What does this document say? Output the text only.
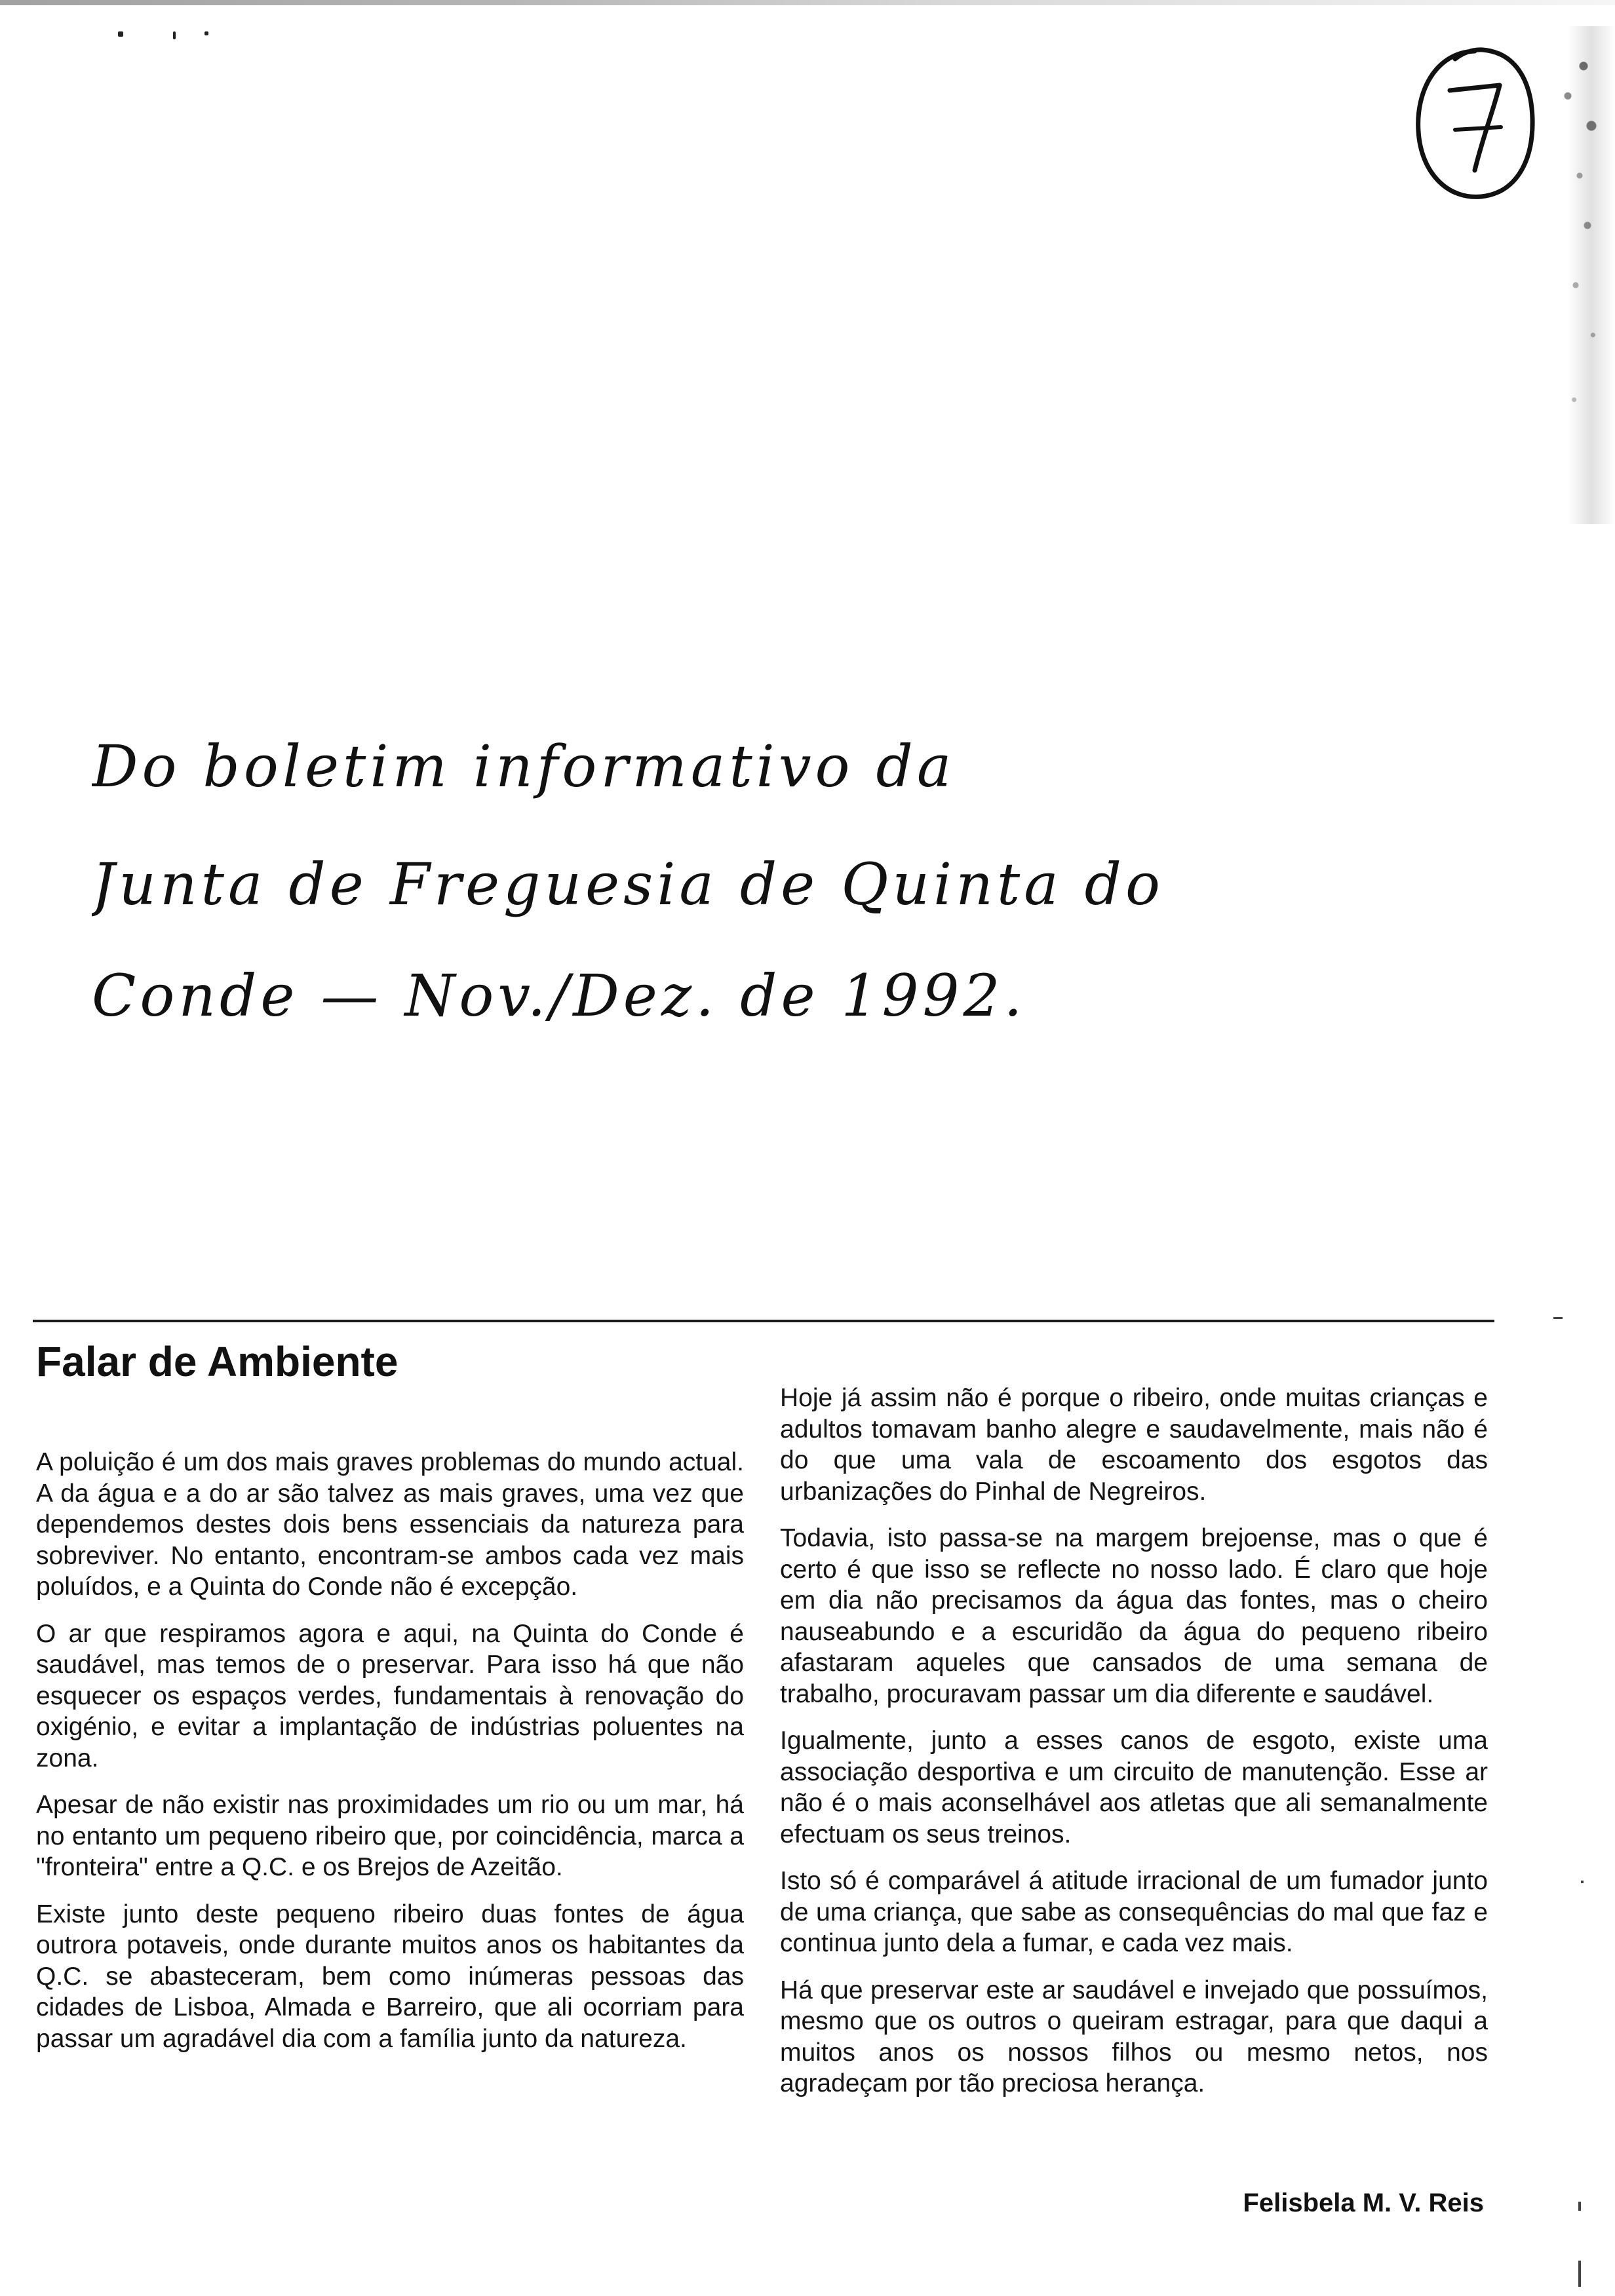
7
Do boletim informativo da
Junta de Freguesia de Quinta do
Conde — Nov./Dez. de 1992.
Falar de Ambiente

A poluição é um dos mais graves problemas do mundo actual. A da água e a do ar são talvez as mais graves, uma vez que dependemos destes dois bens essenciais da natureza para sobreviver. No entanto, encontram-se ambos cada vez mais poluídos, e a Quinta do Conde não é excepção.

O ar que respiramos agora e aqui, na Quinta do Conde é saudável, mas temos de o preservar. Para isso há que não esquecer os espaços verdes, fundamentais à renovação do oxigénio, e evitar a implantação de indústrias poluentes na zona.

Apesar de não existir nas proximidades um rio ou um mar, há no entanto um pequeno ribeiro que, por coincidência, marca a "fronteira" entre a Q.C. e os Brejos de Azeitão.

Existe junto deste pequeno ribeiro duas fontes de água outrora potaveis, onde durante muitos anos os habitantes da Q.C. se abasteceram, bem como inúmeras pessoas das cidades de Lisboa, Almada e Barreiro, que ali ocorriam para passar um agradável dia com a família junto da natureza.

Hoje já assim não é porque o ribeiro, onde muitas crianças e adultos tomavam banho alegre e saudavelmente, mais não é do que uma vala de escoamento dos esgotos das urbanizações do Pinhal de Negreiros.

Todavia, isto passa-se na margem brejoense, mas o que é certo é que isso se reflecte no nosso lado. É claro que hoje em dia não precisamos da água das fontes, mas o cheiro nauseabundo e a escuridão da água do pequeno ribeiro afastaram aqueles que cansados de uma semana de trabalho, procuravam passar um dia diferente e saudável.

Igualmente, junto a esses canos de esgoto, existe uma associação desportiva e um circuito de manutenção. Esse ar não é o mais aconselhável aos atletas que ali semanalmente efectuam os seus treinos.

Isto só é comparável á atitude irracional de um fumador junto de uma criança, que sabe as consequências do mal que faz e continua junto dela a fumar, e cada vez mais.

Há que preservar este ar saudável e invejado que possuímos, mesmo que os outros o queiram estragar, para que daqui a muitos anos os nossos filhos ou mesmo netos, nos agradeçam por tão preciosa herança.

Felisbela M. V. Reis
